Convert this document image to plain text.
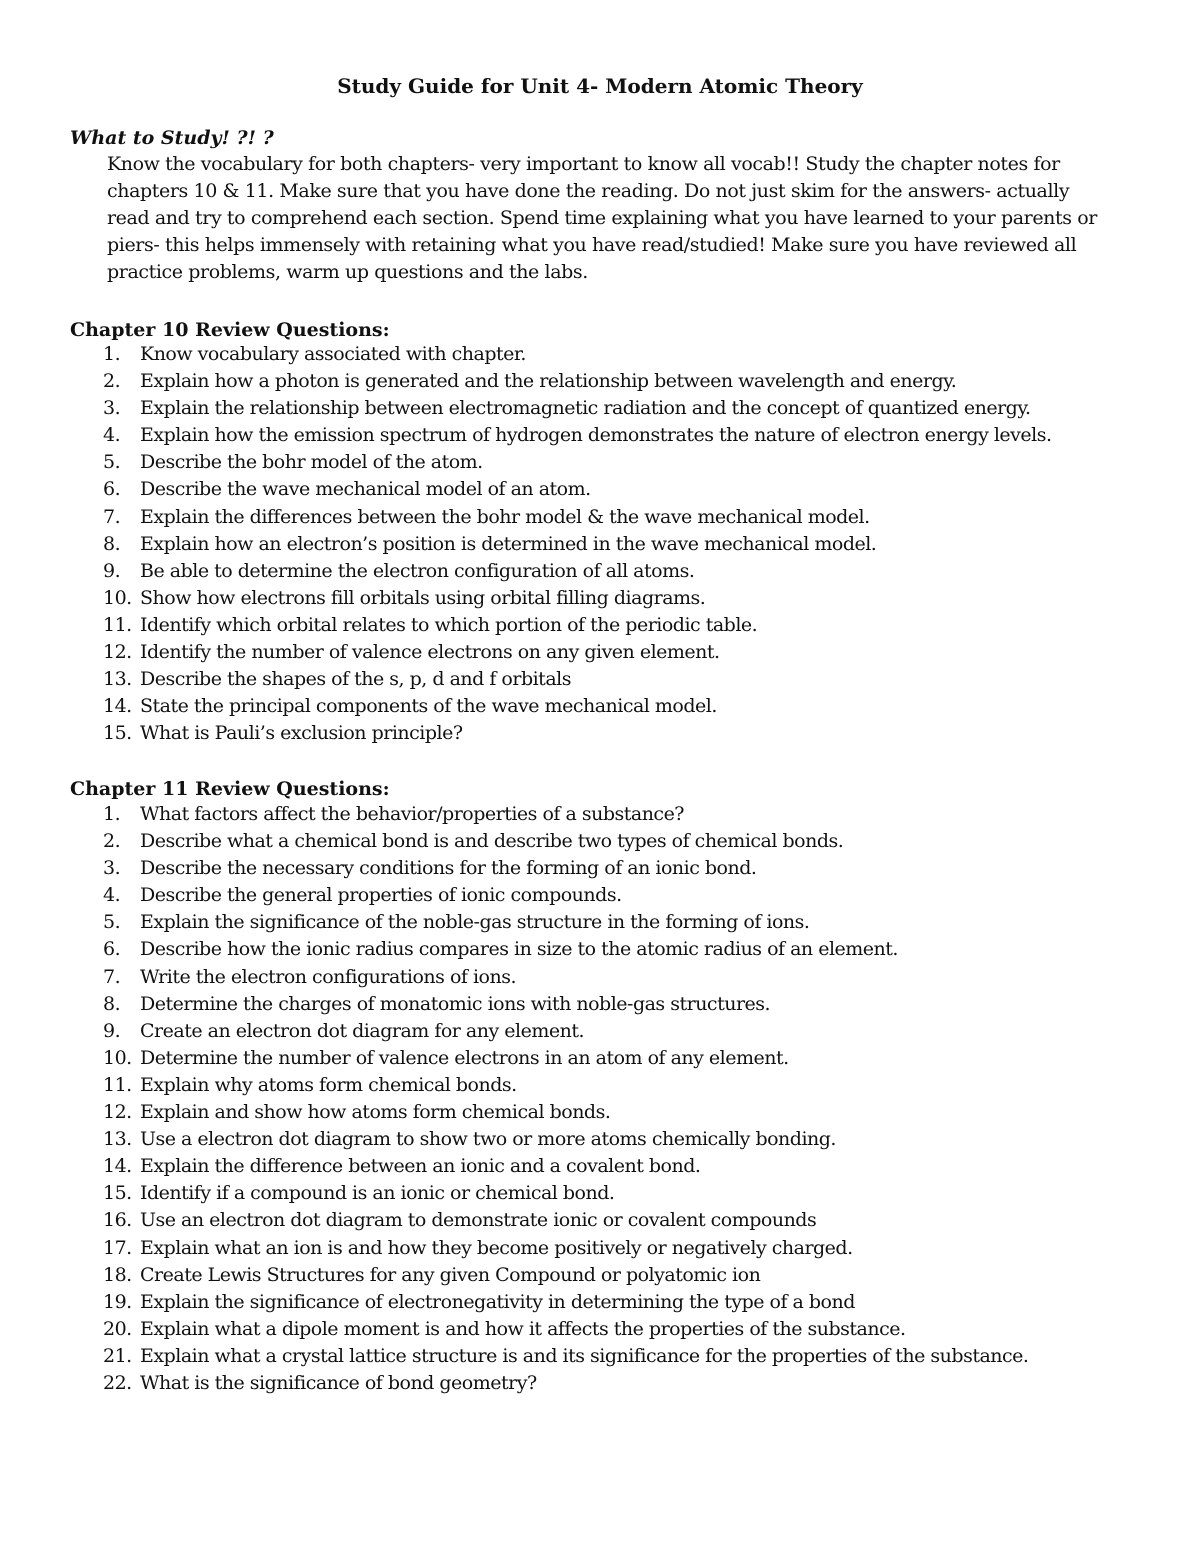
Study Guide for Unit 4- Modern Atomic Theory
What to Study! ?! ?
Know the vocabulary for both chapters- very important to know all vocab!! Study the chapter notes for chapters 10 & 11. Make sure that you have done the reading. Do not just skim for the answers- actually read and try to comprehend each section. Spend time explaining what you have learned to your parents or piers- this helps immensely with retaining what you have read/studied! Make sure you have reviewed all practice problems, warm up questions and the labs.
Chapter 10 Review Questions:
1. Know vocabulary associated with chapter.
2. Explain how a photon is generated and the relationship between wavelength and energy.
3. Explain the relationship between electromagnetic radiation and the concept of quantized energy.
4. Explain how the emission spectrum of hydrogen demonstrates the nature of electron energy levels.
5. Describe the bohr model of the atom.
6. Describe the wave mechanical model of an atom.
7. Explain the differences between the bohr model & the wave mechanical model.
8. Explain how an electron’s position is determined in the wave mechanical model.
9. Be able to determine the electron configuration of all atoms.
10. Show how electrons fill orbitals using orbital filling diagrams.
11. Identify which orbital relates to which portion of the periodic table.
12. Identify the number of valence electrons on any given element.
13. Describe the shapes of the s, p, d and f orbitals
14. State the principal components of the wave mechanical model.
15. What is Pauli’s exclusion principle?
Chapter 11 Review Questions:
1. What factors affect the behavior/properties of a substance?
2. Describe what a chemical bond is and describe two types of chemical bonds.
3. Describe the necessary conditions for the forming of an ionic bond.
4. Describe the general properties of ionic compounds.
5. Explain the significance of the noble-gas structure in the forming of ions.
6. Describe how the ionic radius compares in size to the atomic radius of an element.
7. Write the electron configurations of ions.
8. Determine the charges of monatomic ions with noble-gas structures.
9. Create an electron dot diagram for any element.
10. Determine the number of valence electrons in an atom of any element.
11. Explain why atoms form chemical bonds.
12. Explain and show how atoms form chemical bonds.
13. Use a electron dot diagram to show two or more atoms chemically bonding.
14. Explain the difference between an ionic and a covalent bond.
15. Identify if a compound is an ionic or chemical bond.
16. Use an electron dot diagram to demonstrate ionic or covalent compounds
17. Explain what an ion is and how they become positively or negatively charged.
18. Create Lewis Structures for any given Compound or polyatomic ion
19. Explain the significance of electronegativity in determining the type of a bond
20. Explain what a dipole moment is and how it affects the properties of the substance.
21. Explain what a crystal lattice structure is and its significance for the properties of the substance.
22. What is the significance of bond geometry?
